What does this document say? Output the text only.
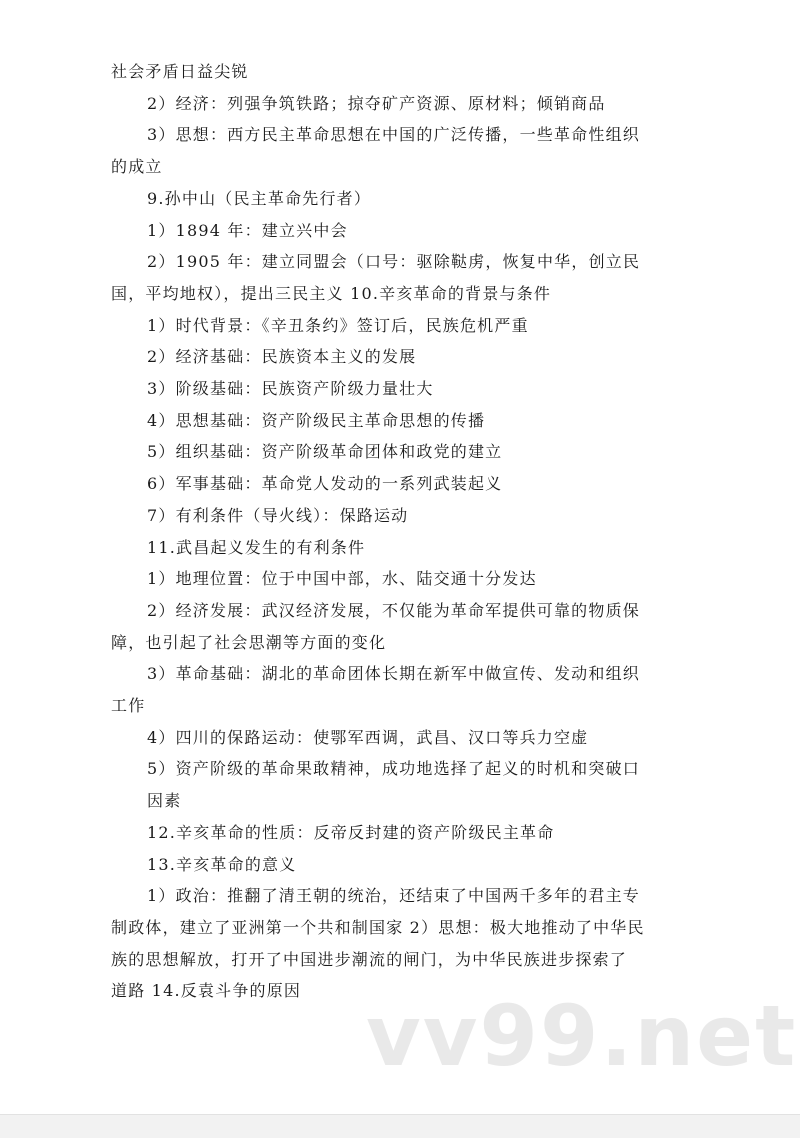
社会矛盾日益尖锐
2）经济：列强争筑铁路；掠夺矿产资源、原材料；倾销商品
3）思想：西方民主革命思想在中国的广泛传播，一些革命性组织
的成立
9.孙中山（民主革命先行者）
1）1894 年：建立兴中会
2）1905 年：建立同盟会（口号：驱除鞑虏，恢复中华，创立民
国，平均地权），提出三民主义 10.辛亥革命的背景与条件
1）时代背景：《辛丑条约》签订后，民族危机严重
2）经济基础：民族资本主义的发展
3）阶级基础：民族资产阶级力量壮大
4）思想基础：资产阶级民主革命思想的传播
5）组织基础：资产阶级革命团体和政党的建立
6）军事基础：革命党人发动的一系列武装起义
7）有利条件（导火线）：保路运动
11.武昌起义发生的有利条件
1）地理位置：位于中国中部，水、陆交通十分发达
2）经济发展：武汉经济发展，不仅能为革命军提供可靠的物质保
障，也引起了社会思潮等方面的变化
3）革命基础：湖北的革命团体长期在新军中做宣传、发动和组织
工作
4）四川的保路运动：使鄂军西调，武昌、汉口等兵力空虚
5）资产阶级的革命果敢精神，成功地选择了起义的时机和突破口
因素
12.辛亥革命的性质：反帝反封建的资产阶级民主革命
13.辛亥革命的意义
1）政治：推翻了清王朝的统治，还结束了中国两千多年的君主专
制政体，建立了亚洲第一个共和制国家 2）思想：极大地推动了中华民
族的思想解放，打开了中国进步潮流的闸门，为中华民族进步探索了
道路 14.反袁斗争的原因 vv99.net
